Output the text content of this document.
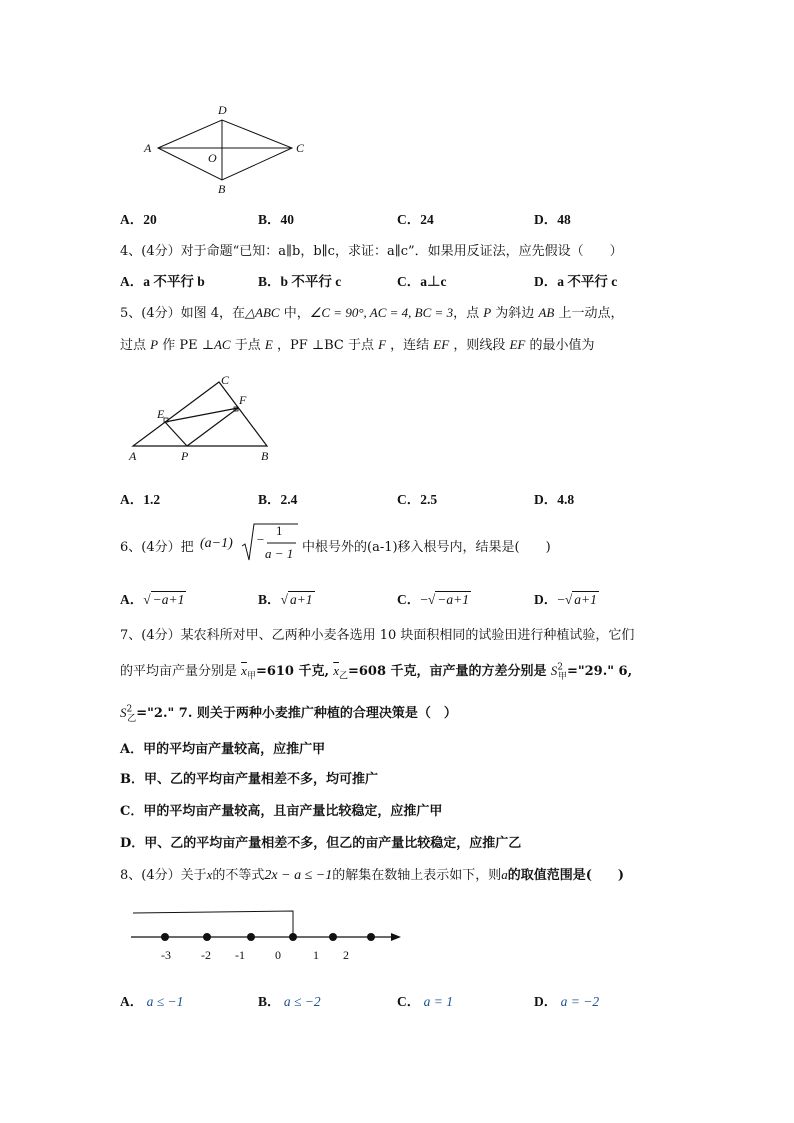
D
A	C
O
B
A．20	B．40	C．24	D．48
4、(4分）对于命题“已知：a∥b，b∥c，求证：a∥c”．如果用反证法，应先假设（　　）
A．a 不平行 b	B．b 不平行 c	C．a⊥c	D．a 不平行 c
5、(4分）如图 4，在△ABC 中，∠C = 90°, AC = 4, BC = 3，点 P 为斜边 AB 上一动点，
过点 P 作 PE ⊥AC 于点 E ，PF ⊥BC 于点 F ，连结 EF ，则线段 EF 的最小值为
C
F
E
A	P	B
A．1.2	B．2.4	C．2.5	D．4.8
6、(4分）把 (a−1) −
1
a − 1 中根号外的(a-1)移入根号内，结果是(　　)
A．√ −a+1	B．√ a+1	C．−√ −a+1	D．−√ a+1
7、(4分）某农科所对甲、乙两种小麦各选用 10 块面积相同的试验田进行种植试验，它们
的平均亩产量分别是 $\overline{x}_甲=610$ 千克, $\overline{x}_乙=608$ 千克，亩产量的方差分别是 $S^2_甲="29$." 6,
$S^2_乙="2$." 7. 则关于两种小麦推广种植的合理决策是（　）
A．甲的平均亩产量较高，应推广甲
B．甲、乙的平均亩产量相差不多，均可推广
C．甲的平均亩产量较高，且亩产量比较稳定，应推广甲
D．甲、乙的平均亩产量相差不多，但乙的亩产量比较稳定，应推广乙
8、(4分）关于x的不等式2x − a ≤ −1的解集在数轴上表示如下，则a的取值范围是(　　)
-3	-2 -1	0	1 2
A． a ≤ −1	B． a ≤ −2	C． a = 1	D． a = −2
